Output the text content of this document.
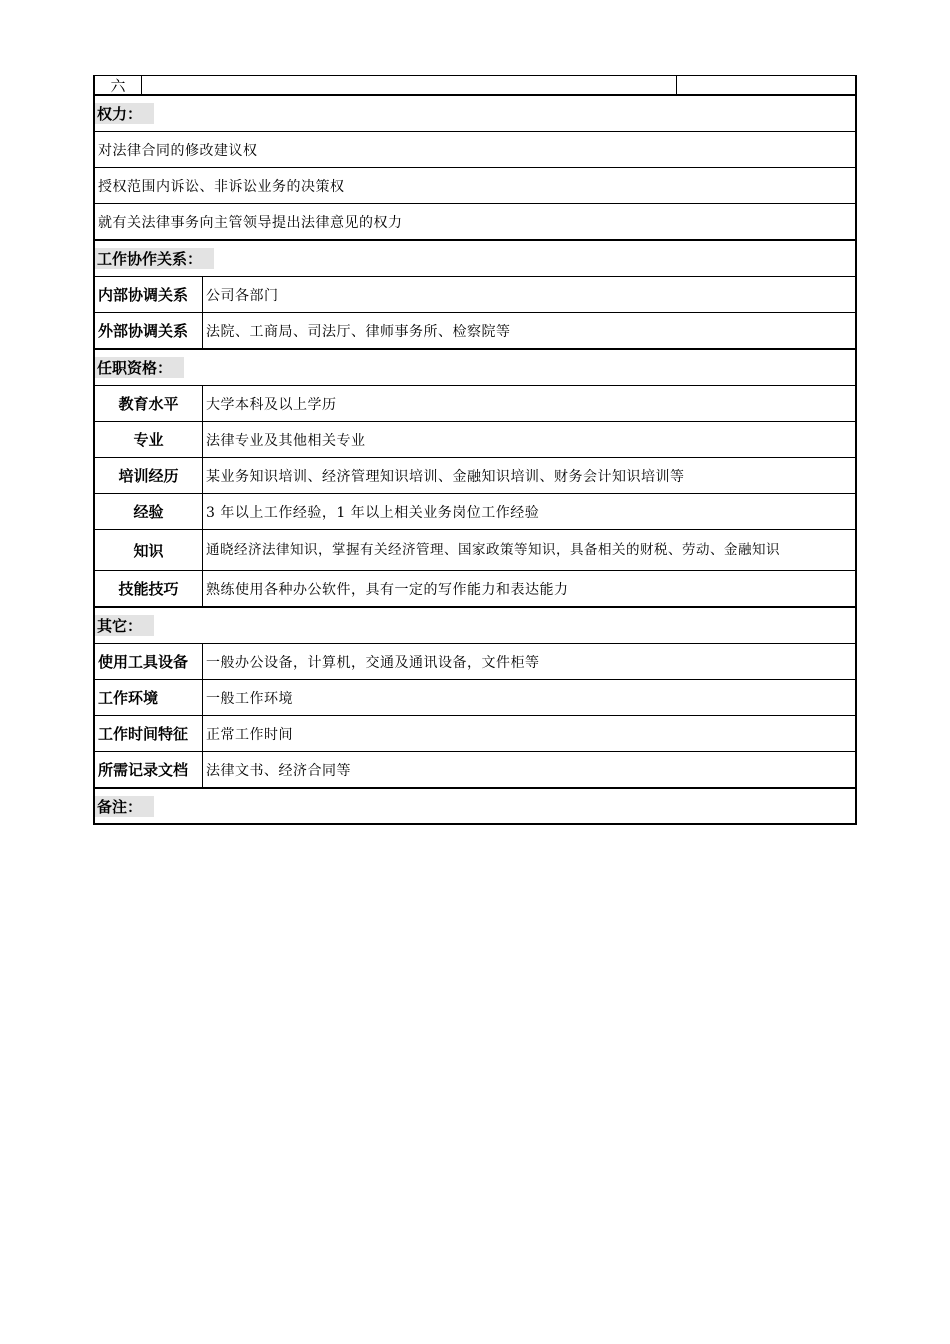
六
权力：
对法律合同的修改建议权
授权范围内诉讼、非诉讼业务的决策权
就有关法律事务向主管领导提出法律意见的权力
工作协作关系：
内部协调关系	公司各部门
外部协调关系	法院、工商局、司法厅、律师事务所、检察院等
任职资格：
教育水平	大学本科及以上学历
专业	法律专业及其他相关专业
培训经历	某业务知识培训、经济管理知识培训、金融知识培训、财务会计知识培训等
经验	3 年以上工作经验，1 年以上相关业务岗位工作经验
知识	通晓经济法律知识，掌握有关经济管理、国家政策等知识，具备相关的财税、劳动、金融知识
技能技巧	熟练使用各种办公软件，具有一定的写作能力和表达能力
其它：
使用工具设备	一般办公设备，计算机，交通及通讯设备，文件柜等
工作环境	一般工作环境
工作时间特征	正常工作时间
所需记录文档	法律文书、经济合同等
备注：
